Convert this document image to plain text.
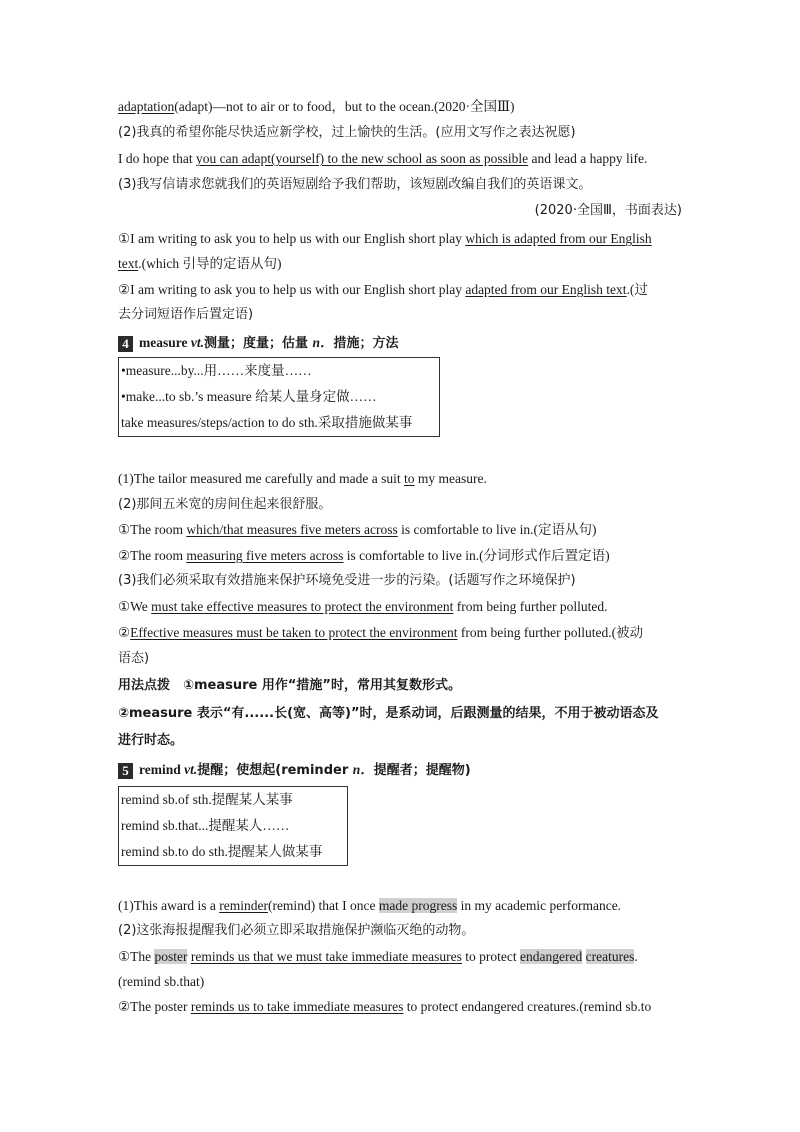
adaptation(adapt)—not to air or to food，but to the ocean.(2020·全国Ⅲ)
(2)我真的希望你能尽快适应新学校，过上愉快的生活。(应用文写作之表达祝愿)
I do hope that you can adapt(yourself) to the new school as soon as possible and lead a happy life.
(3)我写信请求您就我们的英语短剧给予我们帮助，该短剧改编自我们的英语课文。
(2020·全国Ⅲ，书面表达)
①I am writing to ask you to help us with our English short play which is adapted from our English
text.(which 引导的定语从句)
②I am writing to ask you to help us with our English short play adapted from our English text.(过
去分词短语作后置定语)
4 measure vt.测量；度量；估量 n．措施；方法
•measure...by...用……来度量……
•make...to sb.’s measure 给某人量身定做……
take measures/steps/action to do sth.采取措施做某事
(1)The tailor measured me carefully and made a suit to my measure.
(2)那间五米宽的房间住起来很舒服。
①The room which/that measures five meters across is comfortable to live in.(定语从句)
②The room measuring five meters across is comfortable to live in.(分词形式作后置定语)
(3)我们必须采取有效措施来保护环境免受进一步的污染。(话题写作之环境保护)
①We must take effective measures to protect the environment from being further polluted.
②Effective measures must be taken to protect the environment from being further polluted.(被动
语态)
用法点拨　①measure 用作“措施”时，常用其复数形式。
②measure 表示“有......长(宽、高等)”时，是系动词，后跟测量的结果，不用于被动语态及
进行时态。
5 remind vt.提醒；使想起(reminder n．提醒者；提醒物)
remind sb.of sth.提醒某人某事
remind sb.that...提醒某人……
remind sb.to do sth.提醒某人做某事
(1)This award is a reminder(remind) that I once made progress in my academic performance.
(2)这张海报提醒我们必须立即采取措施保护濒临灭绝的动物。
①The poster reminds us that we must take immediate measures to protect endangered creatures.
(remind sb.that)
②The poster reminds us to take immediate measures to protect endangered creatures.(remind sb.to
